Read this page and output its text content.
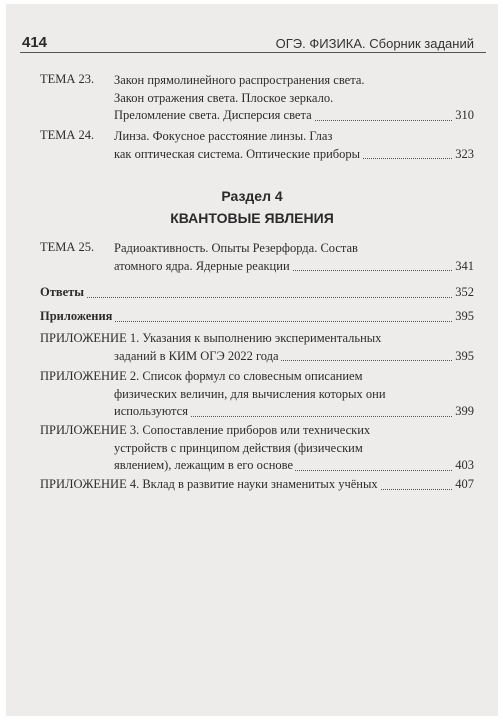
414	ОГЭ. ФИЗИКА. Сборник заданий
ТЕМА 23. Закон прямолинейного распространения света.
Закон отражения света. Плоское зеркало.
Преломление света. Дисперсия света	310
ТЕМА 24. Линза. Фокусное расстояние линзы. Глаз
как оптическая система. Оптические приборы	323
Раздел 4
КВАНТОВЫЕ ЯВЛЕНИЯ
ТЕМА 25. Радиоактивность. Опыты Резерфорда. Состав
атомного ядра. Ядерные реакции	341
Ответы	352
Приложения	395
ПРИЛОЖЕНИЕ 1. Указания к выполнению экспериментальных
заданий в КИМ ОГЭ 2022 года	395
ПРИЛОЖЕНИЕ 2. Список формул со словесным описанием
физических величин, для вычисления которых они
используются	399
ПРИЛОЖЕНИЕ 3. Сопоставление приборов или технических
устройств с принципом действия (физическим
явлением), лежащим в его основе	403
ПРИЛОЖЕНИЕ 4. Вклад в развитие науки знаменитых учёных	407
